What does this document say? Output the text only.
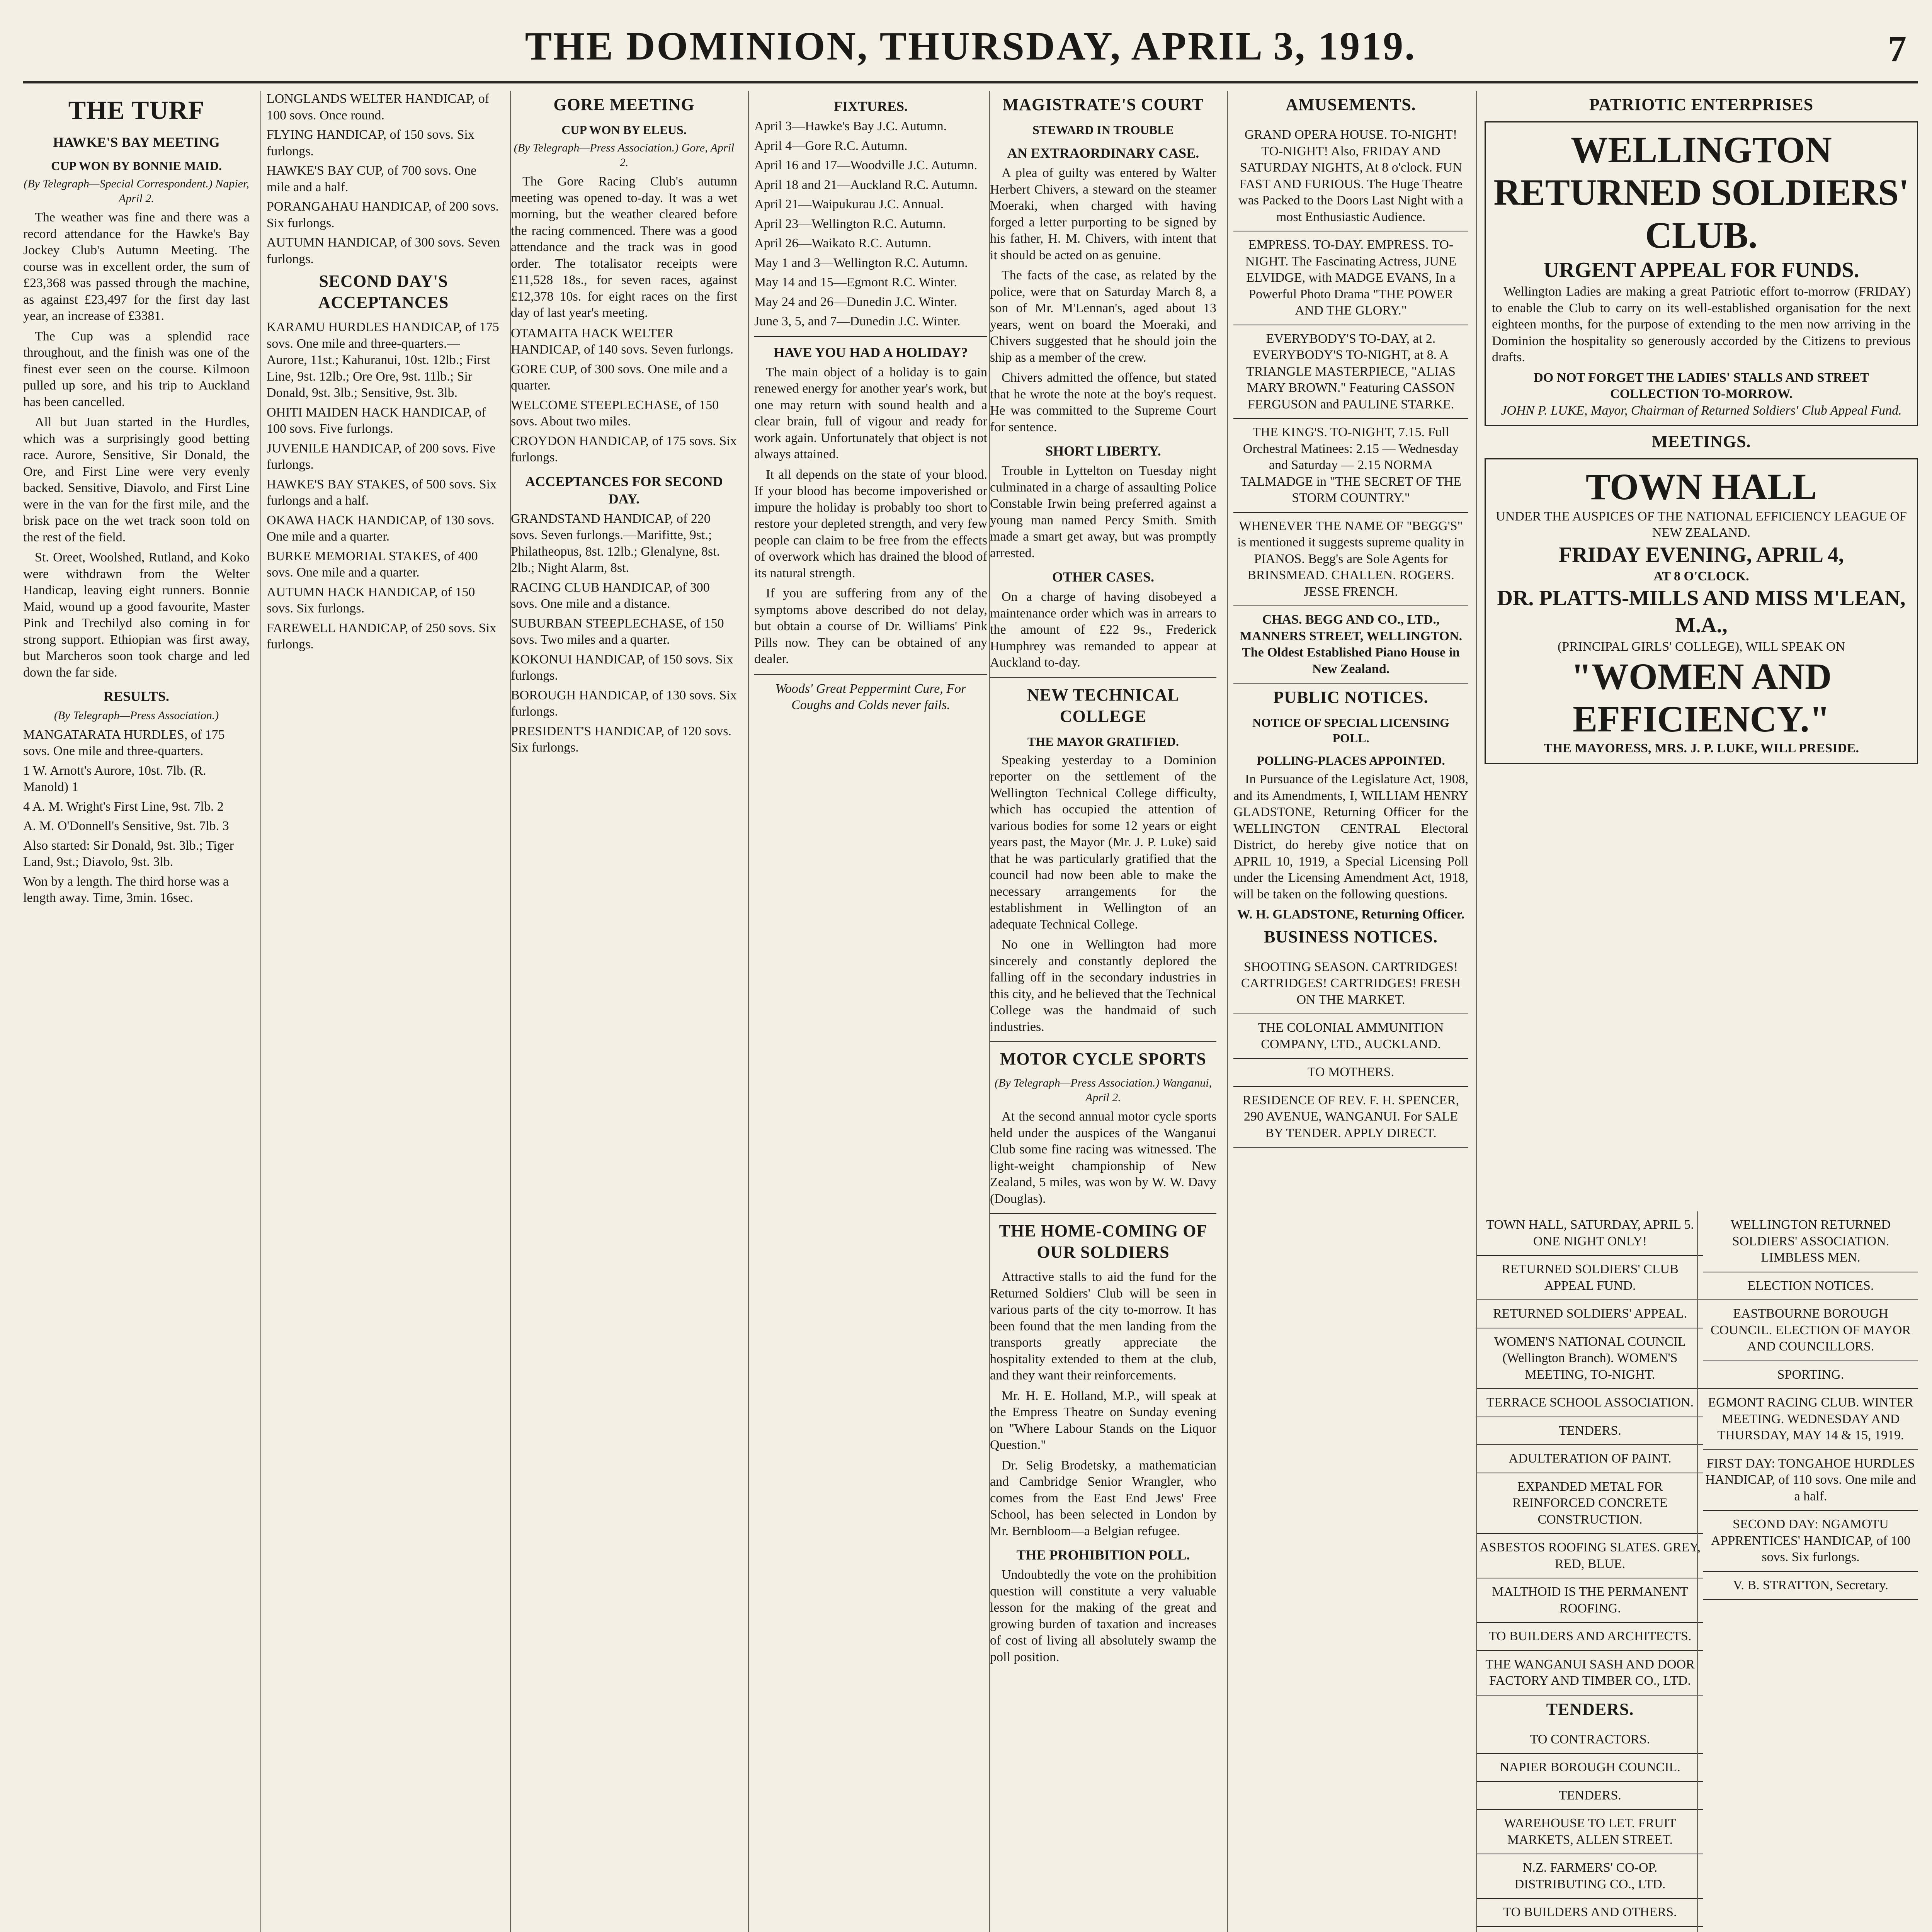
THE DOMINION, THURSDAY, APRIL 3, 1919.	7
THE TURF
HAWKE'S BAY MEETING
CUP WON BY BONNIE MAID.
(By Telegraph—Special Correspondent.) Napier, April 2.

The weather was fine and there was a record attendance for the Hawke's Bay Jockey Club's Autumn Meeting. The course was in excellent order, the sum of £23,368 was passed through the machine, as against £23,497 for the first day last year, an increase of £3381.

The Cup was a splendid race throughout, and the finish was one of the finest ever seen on the course. Kilmoon pulled up sore, and his trip to Auckland has been cancelled.

All but Juan started in the Hurdles, which was a surprisingly good betting race. Aurore, Sensitive, Sir Donald, the Ore, and First Line were very evenly backed. Sensitive, Diavolo, and First Line were in the van for the first mile, and the brisk pace on the wet track soon told on the rest of the field.

St. Oreet, Woolshed, Rutland, and Koko were withdrawn from the Welter Handicap, leaving eight runners. Bonnie Maid, wound up a good favourite, Master Pink and Trechilyd also coming in for strong support. Ethiopian was first away, but Marcheros soon took charge and led down the far side.

RESULTS.
(By Telegraph—Press Association.)
MANGATARATA HURDLES, of 175 sovs. One mile and three-quarters.
1 W. Arnott's Aurore, 10st. 7lb. (R. Manold) 1
4 A. M. Wright's First Line, 9st. 7lb. 2
A. M. O'Donnell's Sensitive, 9st. 7lb. 3
Also started: Sir Donald, 9st. 3lb.; Tiger Land, 9st.; Diavolo, 9st. 3lb.
Won by a length. The third horse was a length away. Time, 3min. 16sec.
LONGLANDS WELTER HANDICAP, of 100 sovs. Once round.
FLYING HANDICAP, of 150 sovs. Six furlongs.
HAWKE'S BAY CUP, of 700 sovs. One mile and a half.
PORANGAHAU HANDICAP, of 200 sovs. Six furlongs.
AUTUMN HANDICAP, of 300 sovs. Seven furlongs.
SECOND DAY'S ACCEPTANCES
KARAMU HURDLES HANDICAP, of 175 sovs. One mile and three-quarters.—Aurore, 11st.; Kahuranui, 10st. 12lb.; First Line, 9st. 12lb.; Ore Ore, 9st. 11lb.; Sir Donald, 9st. 3lb.; Sensitive, 9st. 3lb.
OHITI MAIDEN HACK HANDICAP, of 100 sovs. Five furlongs.
JUVENILE HANDICAP, of 200 sovs. Five furlongs.
HAWKE'S BAY STAKES, of 500 sovs. Six furlongs and a half.
OKAWA HACK HANDICAP, of 130 sovs. One mile and a quarter.
BURKE MEMORIAL STAKES, of 400 sovs. One mile and a quarter.
AUTUMN HACK HANDICAP, of 150 sovs. Six furlongs.
FAREWELL HANDICAP, of 250 sovs. Six furlongs.

GORE MEETING
CUP WON BY ELEUS.
(By Telegraph—Press Association.) Gore, April 2.

The Gore Racing Club's autumn meeting was opened to-day. It was a wet morning, but the weather cleared before the racing commenced. There was a good attendance and the track was in good order. The totalisator receipts were £11,528 18s., for seven races, against £12,378 10s. for eight races on the first day of last year's meeting.

OTAMAITA HACK WELTER HANDICAP, of 140 sovs. Seven furlongs.
GORE CUP, of 300 sovs. One mile and a quarter.
WELCOME STEEPLECHASE, of 150 sovs. About two miles.
CROYDON HANDICAP, of 175 sovs. Six furlongs.
ACCEPTANCES FOR SECOND DAY.
GRANDSTAND HANDICAP, of 220 sovs. Seven furlongs.—Marifitte, 9st.; Philatheopus, 8st. 12lb.; Glenalyne, 8st. 2lb.; Night Alarm, 8st.
RACING CLUB HANDICAP, of 300 sovs. One mile and a distance.
SUBURBAN STEEPLECHASE, of 150 sovs. Two miles and a quarter.
KOKONUI HANDICAP, of 150 sovs. Six furlongs.
BOROUGH HANDICAP, of 130 sovs. Six furlongs.
PRESIDENT'S HANDICAP, of 120 sovs. Six furlongs.
FIXTURES.
April 3—Hawke's Bay J.C. Autumn.
April 4—Gore R.C. Autumn.
April 16 and 17—Woodville J.C. Autumn.
April 18 and 21—Auckland R.C. Autumn.
April 21—Waipukurau J.C. Annual.
April 23—Wellington R.C. Autumn.
April 26—Waikato R.C. Autumn.
May 1 and 3—Wellington R.C. Autumn.
May 14 and 15—Egmont R.C. Winter.
May 24 and 26—Dunedin J.C. Winter.
June 3, 5, and 7—Dunedin J.C. Winter.
HAVE YOU HAD A HOLIDAY?

The main object of a holiday is to gain renewed energy for another year's work, but one may return with sound health and a clear brain, full of vigour and ready for work again. Unfortunately that object is not always attained.

It all depends on the state of your blood. If your blood has become impoverished or impure the holiday is probably too short to restore your depleted strength, and very few people can claim to be free from the effects of overwork which has drained the blood of its natural strength.

If you are suffering from any of the symptoms above described do not delay, but obtain a course of Dr. Williams' Pink Pills now. They can be obtained of any dealer.

Woods' Great Peppermint Cure, For Coughs and Colds never fails.
MAGISTRATE'S COURT
STEWARD IN TROUBLE
AN EXTRAORDINARY CASE.

A plea of guilty was entered by Walter Herbert Chivers, a steward on the steamer Moeraki, when charged with having forged a letter purporting to be signed by his father, H. M. Chivers, with intent that it should be acted on as genuine.

The facts of the case, as related by the police, were that on Saturday March 8, a son of Mr. M'Lennan's, aged about 13 years, went on board the Moeraki, and Chivers suggested that he should join the ship as a member of the crew.

Chivers admitted the offence, but stated that he wrote the note at the boy's request. He was committed to the Supreme Court for sentence.

SHORT LIBERTY.

Trouble in Lyttelton on Tuesday night culminated in a charge of assaulting Police Constable Irwin being preferred against a young man named Percy Smith. Smith made a smart get away, but was promptly arrested.

OTHER CASES.

On a charge of having disobeyed a maintenance order which was in arrears to the amount of £22 9s., Frederick Humphrey was remanded to appear at Auckland to-day.

NEW TECHNICAL COLLEGE
THE MAYOR GRATIFIED.

Speaking yesterday to a Dominion reporter on the settlement of the Wellington Technical College difficulty, which has occupied the attention of various bodies for some 12 years or eight years past, the Mayor (Mr. J. P. Luke) said that he was particularly gratified that the council had now been able to make the necessary arrangements for the establishment in Wellington of an adequate Technical College.

No one in Wellington had more sincerely and constantly deplored the falling off in the secondary industries in this city, and he believed that the Technical College was the handmaid of such industries.

MOTOR CYCLE SPORTS
(By Telegraph—Press Association.) Wanganui, April 2.

At the second annual motor cycle sports held under the auspices of the Wanganui Club some fine racing was witnessed. The light-weight championship of New Zealand, 5 miles, was won by W. W. Davy (Douglas).

THE HOME-COMING OF OUR SOLDIERS

Attractive stalls to aid the fund for the Returned Soldiers' Club will be seen in various parts of the city to-morrow. It has been found that the men landing from the transports greatly appreciate the hospitality extended to them at the club, and they want their reinforcements.

Mr. H. E. Holland, M.P., will speak at the Empress Theatre on Sunday evening on "Where Labour Stands on the Liquor Question."

Dr. Selig Brodetsky, a mathematician and Cambridge Senior Wrangler, who comes from the East End Jews' Free School, has been selected in London by Mr. Bernbloom—a Belgian refugee.

THE PROHIBITION POLL.

Undoubtedly the vote on the prohibition question will constitute a very valuable lesson for the making of the great and growing burden of taxation and increases of cost of living all absolutely swamp the poll position.

AMUSEMENTS.
GRAND OPERA HOUSE. TO-NIGHT! TO-NIGHT! Also, FRIDAY AND SATURDAY NIGHTS, At 8 o'clock. FUN FAST AND FURIOUS. The Huge Theatre was Packed to the Doors Last Night with a most Enthusiastic Audience.
EMPRESS. TO-DAY. EMPRESS. TO-NIGHT. The Fascinating Actress, JUNE ELVIDGE, with MADGE EVANS, In a Powerful Photo Drama "THE POWER AND THE GLORY."
EVERYBODY'S TO-DAY, at 2. EVERYBODY'S TO-NIGHT, at 8. A TRIANGLE MASTERPIECE, "ALIAS MARY BROWN." Featuring CASSON FERGUSON and PAULINE STARKE.
THE KING'S. TO-NIGHT, 7.15. Full Orchestral Matinees: 2.15 — Wednesday and Saturday — 2.15 NORMA TALMADGE in "THE SECRET OF THE STORM COUNTRY."
WHENEVER THE NAME OF "BEGG'S" is mentioned it suggests supreme quality in PIANOS. Begg's are Sole Agents for BRINSMEAD. CHALLEN. ROGERS. JESSE FRENCH.
CHAS. BEGG AND CO., LTD., MANNERS STREET, WELLINGTON. The Oldest Established Piano House in New Zealand.
PUBLIC NOTICES.
NOTICE OF SPECIAL LICENSING POLL.
POLLING-PLACES APPOINTED.

In Pursuance of the Legislature Act, 1908, and its Amendments, I, WILLIAM HENRY GLADSTONE, Returning Officer for the WELLINGTON CENTRAL Electoral District, do hereby give notice that on APRIL 10, 1919, a Special Licensing Poll under the Licensing Amendment Act, 1918, will be taken on the following questions.

W. H. GLADSTONE, Returning Officer.
BUSINESS NOTICES.
SHOOTING SEASON. CARTRIDGES! CARTRIDGES! CARTRIDGES! FRESH ON THE MARKET.
THE COLONIAL AMMUNITION COMPANY, LTD., AUCKLAND.
TO MOTHERS.
RESIDENCE OF REV. F. H. SPENCER, 290 AVENUE, WANGANUI. For SALE BY TENDER. APPLY DIRECT.
PATRIOTIC ENTERPRISES
WELLINGTON RETURNED SOLDIERS' CLUB.
URGENT APPEAL FOR FUNDS.

Wellington Ladies are making a great Patriotic effort to-morrow (FRIDAY) to enable the Club to carry on its well-established organisation for the next eighteen months, for the purpose of extending to the men now arriving in the Dominion the hospitality so generously accorded by the Citizens to previous drafts.

DO NOT FORGET THE LADIES' STALLS AND STREET COLLECTION TO-MORROW.
JOHN P. LUKE, Mayor, Chairman of Returned Soldiers' Club Appeal Fund.
MEETINGS.
TOWN HALL
UNDER THE AUSPICES OF THE NATIONAL EFFICIENCY LEAGUE OF NEW ZEALAND.
FRIDAY EVENING, APRIL 4,
AT 8 O'CLOCK.
DR. PLATTS-MILLS AND MISS M'LEAN, M.A.,
(PRINCIPAL GIRLS' COLLEGE), WILL SPEAK ON
"WOMEN AND EFFICIENCY."
THE MAYORESS, MRS. J. P. LUKE, WILL PRESIDE.
TOWN HALL, SATURDAY, APRIL 5. ONE NIGHT ONLY!
RETURNED SOLDIERS' CLUB APPEAL FUND.
RETURNED SOLDIERS' APPEAL.
WOMEN'S NATIONAL COUNCIL (Wellington Branch). WOMEN'S MEETING, TO-NIGHT.
TERRACE SCHOOL ASSOCIATION.
TENDERS.
ADULTERATION OF PAINT.
EXPANDED METAL FOR REINFORCED CONCRETE CONSTRUCTION.
ASBESTOS ROOFING SLATES. GREY, RED, BLUE.
MALTHOID IS THE PERMANENT ROOFING.
TO BUILDERS AND ARCHITECTS.
THE WANGANUI SASH AND DOOR FACTORY AND TIMBER CO., LTD.
TENDERS.
TO CONTRACTORS.
NAPIER BOROUGH COUNCIL.
TENDERS.
WAREHOUSE TO LET. FRUIT MARKETS, ALLEN STREET.
N.Z. FARMERS' CO-OP. DISTRIBUTING CO., LTD.
TO BUILDERS AND OTHERS.
WELLINGTON RETURNED SOLDIERS' ASSOCIATION. LIMBLESS MEN.
ELECTION NOTICES.
EASTBOURNE BOROUGH COUNCIL. ELECTION OF MAYOR AND COUNCILLORS.
SPORTING.
EGMONT RACING CLUB. WINTER MEETING. WEDNESDAY AND THURSDAY, MAY 14 & 15, 1919.
FIRST DAY: TONGAHOE HURDLES HANDICAP, of 110 sovs. One mile and a half.
SECOND DAY: NGAMOTU APPRENTICES' HANDICAP, of 100 sovs. Six furlongs.
V. B. STRATTON, Secretary.
